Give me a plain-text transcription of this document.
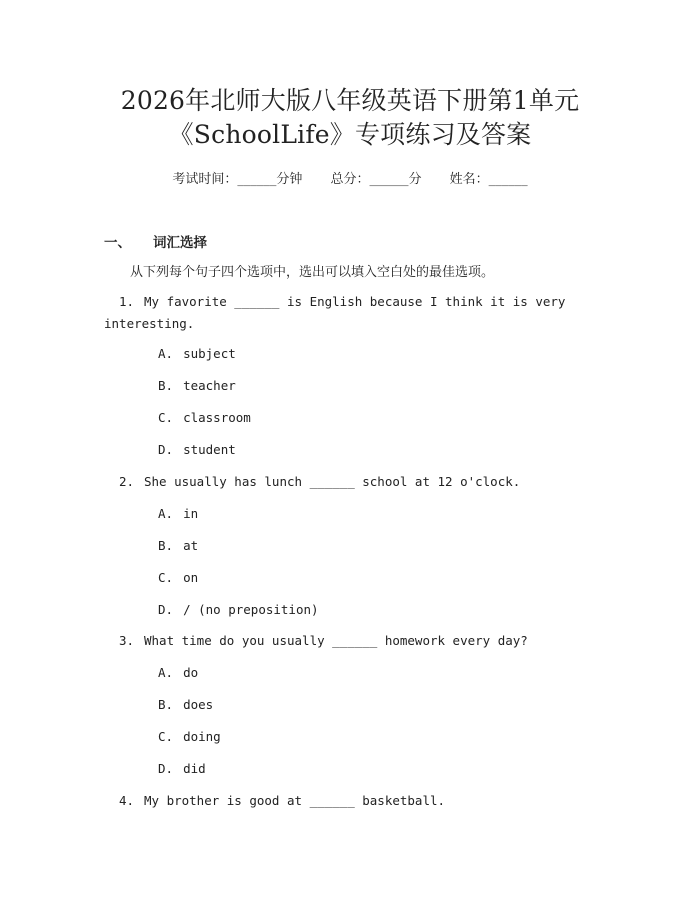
2026年北师大版八年级英语下册第1单元
《SchoolLife》专项练习及答案
考试时间：______分钟 总分：______分 姓名：______
一、 词汇选择
从下列每个句子四个选项中，选出可以填入空白处的最佳选项。
1. My favorite ______ is English because I think it is very interesting.
A. subject
B. teacher
C. classroom
D. student
2. She usually has lunch ______ school at 12 o'clock.
A. in
B. at
C. on
D. / (no preposition)
3. What time do you usually ______ homework every day?
A. do
B. does
C. doing
D. did
4. My brother is good at ______ basketball.
